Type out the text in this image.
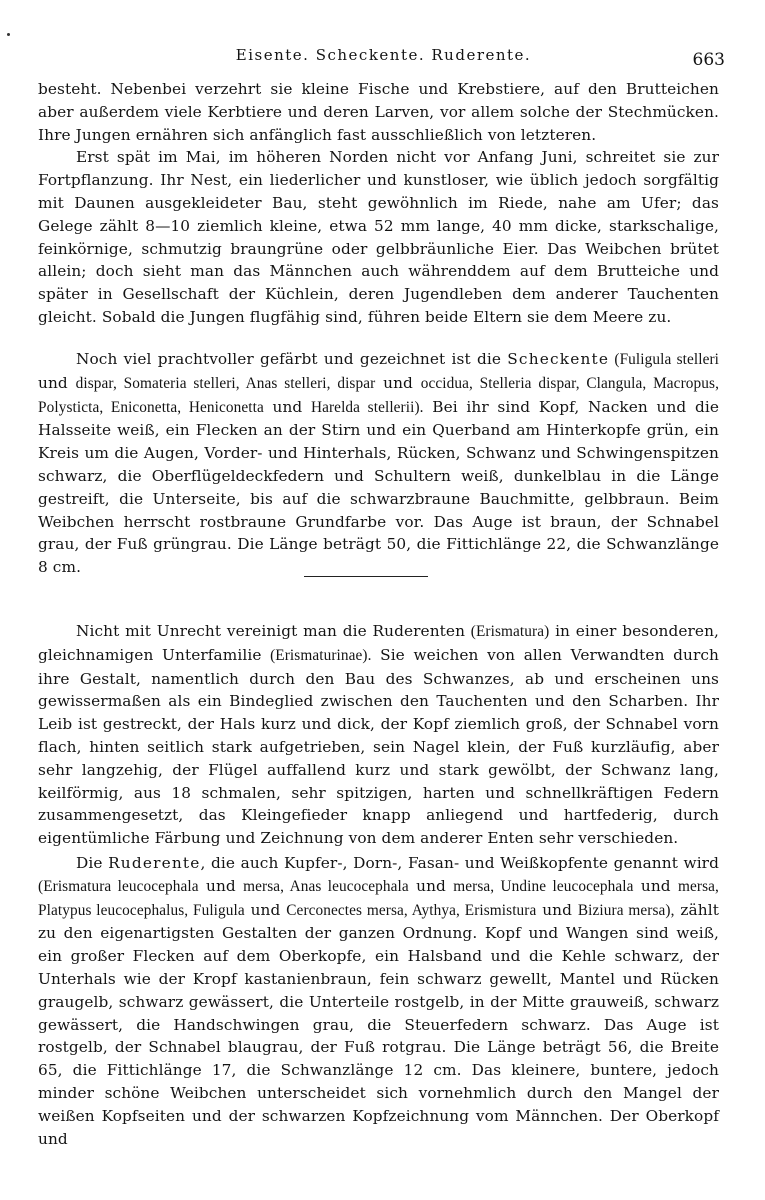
Eisente. Scheckente. Ruderente.	663

besteht. Nebenbei verzehrt sie kleine Fische und Krebstiere, auf den Brutteichen aber außerdem viele Kerbtiere und deren Larven, vor allem solche der Stechmücken. Ihre Jungen ernähren sich anfänglich fast ausschließlich von letzteren.

Erst spät im Mai, im höheren Norden nicht vor Anfang Juni, schreitet sie zur Fortpflanzung. Ihr Nest, ein liederlicher und kunstloser, wie üblich jedoch sorgfältig mit Daunen ausgekleideter Bau, steht gewöhnlich im Riede, nahe am Ufer; das Gelege zählt 8—10 ziemlich kleine, etwa 52 mm lange, 40 mm dicke, starkschalige, feinkörnige, schmutzig braungrüne oder gelbbräunliche Eier. Das Weibchen brütet allein; doch sieht man das Männchen auch währenddem auf dem Brutteiche und später in Gesellschaft der Küchlein, deren Jugendleben dem anderer Tauchenten gleicht. Sobald die Jungen flugfähig sind, führen beide Eltern sie dem Meere zu.

Noch viel prachtvoller gefärbt und gezeichnet ist die Scheckente (Fuligula stelleri und dispar, Somateria stelleri, Anas stelleri, dispar und occidua, Stelleria dispar, Clangula, Macropus, Polysticta, Eniconetta, Heniconetta und Harelda stellerii). Bei ihr sind Kopf, Nacken und die Halsseite weiß, ein Flecken an der Stirn und ein Querband am Hinterkopfe grün, ein Kreis um die Augen, Vorder- und Hinterhals, Rücken, Schwanz und Schwingenspitzen schwarz, die Oberflügeldeckfedern und Schultern weiß, dunkelblau in die Länge gestreift, die Unterseite, bis auf die schwarzbraune Bauchmitte, gelbbraun. Beim Weibchen herrscht rostbraune Grundfarbe vor. Das Auge ist braun, der Schnabel grau, der Fuß grüngrau. Die Länge beträgt 50, die Fittichlänge 22, die Schwanzlänge 8 cm.

Nicht mit Unrecht vereinigt man die Ruderenten (Erismatura) in einer besonderen, gleichnamigen Unterfamilie (Erismaturinae). Sie weichen von allen Verwandten durch ihre Gestalt, namentlich durch den Bau des Schwanzes, ab und erscheinen uns gewissermaßen als ein Bindeglied zwischen den Tauchenten und den Scharben. Ihr Leib ist gestreckt, der Hals kurz und dick, der Kopf ziemlich groß, der Schnabel vorn flach, hinten seitlich stark aufgetrieben, sein Nagel klein, der Fuß kurzläufig, aber sehr langzehig, der Flügel auffallend kurz und stark gewölbt, der Schwanz lang, keilförmig, aus 18 schmalen, sehr spitzigen, harten und schnellkräftigen Federn zusammengesetzt, das Kleingefieder knapp anliegend und hartfederig, durch eigentümliche Färbung und Zeichnung von dem anderer Enten sehr verschieden.

Die Ruderente, die auch Kupfer-, Dorn-, Fasan- und Weißkopfente genannt wird (Erismatura leucocephala und mersa, Anas leucocephala und mersa, Undine leucocephala und mersa, Platypus leucocephalus, Fuligula und Cerconectes mersa, Aythya, Erismistura und Biziura mersa), zählt zu den eigenartigsten Gestalten der ganzen Ordnung. Kopf und Wangen sind weiß, ein großer Flecken auf dem Oberkopfe, ein Halsband und die Kehle schwarz, der Unterhals wie der Kropf kastanienbraun, fein schwarz gewellt, Mantel und Rücken graugelb, schwarz gewässert, die Unterteile rostgelb, in der Mitte grauweiß, schwarz gewässert, die Handschwingen grau, die Steuerfedern schwarz. Das Auge ist rostgelb, der Schnabel blaugrau, der Fuß rotgrau. Die Länge beträgt 56, die Breite 65, die Fittichlänge 17, die Schwanzlänge 12 cm. Das kleinere, buntere, jedoch minder schöne Weibchen unterscheidet sich vornehmlich durch den Mangel der weißen Kopfseiten und der schwarzen Kopfzeichnung vom Männchen. Der Oberkopf und
